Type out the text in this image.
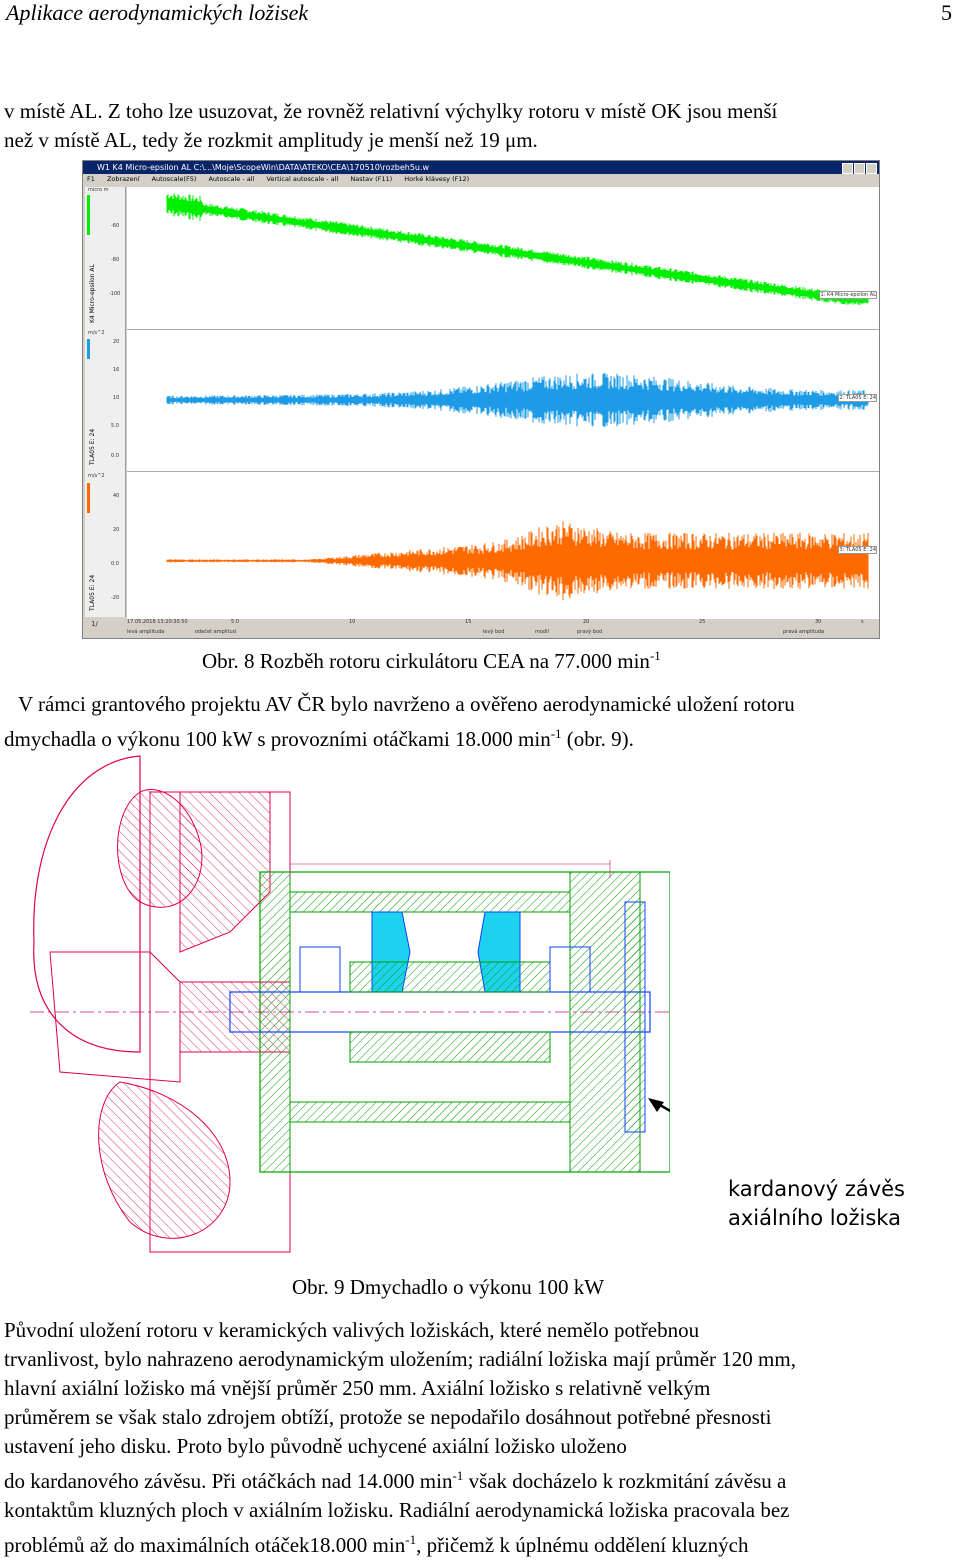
Aplikace aerodynamických ložisek	5

v místě AL. Z toho lze usuzovat, že rovněž relativní výchylky rotoru v místě OK jsou menší

než v místě AL, tedy že rozkmit amplitudy je menší než 19 μm.

W1 K4 Micro-epsilon AL C:\...\Moje\ScopeWin\DATA\ATEKO\CEA\170510\rozbeh5u.w
F1 Zobrazení Autoscale(F5) Autoscale - all Vertical autoscale - all Nastav (F11) Horké klávesy (F12)
micro m
m/s^2
m/s^2
K4 Micro-epsilon AL
TLA05 E: 24
TLA05 E: 24
-60
-80
-100
20
16
10
5.0
0.0
40
20
0.0
-20
1: K4 Micro-epsilon AL
2: TLA05 E: 24
3: TLA05 E: 24
1/	17.05.2018 13:20:30.50	5.0	10	15	20	25	30	s
levá amplituda	odečet amplitud	levý bod	modil	pravý bod	pravá amplituda
Obr. 8 Rozběh rotoru cirkulátoru CEA na 77.000 $\min^{-1}$

V rámci grantového projektu AV ČR bylo navrženo a ověřeno aerodynamické uložení rotoru

dmychadla o výkonu 100 kW s provozními otáčkami 18.000 $\min^{-1} (obr$. 9).

kardanový závěs
axiálního ložiska
Obr. 9 Dmychadlo o výkonu 100 kW

Původní uložení rotoru v keramických valivých ložiskách, které nemělo potřebnou

trvanlivost, bylo nahrazeno aerodynamickým uložením; radiální ložiska mají průměr 120 mm,

hlavní axiální ložisko má vnější průměr 250 mm. Axiální ložisko s relativně velkým

průměrem se však stalo zdrojem obtíží, protože se nepodařilo dosáhnout potřebné přesnosti

ustavení jeho disku. Proto bylo původně uchycené axiální ložisko uloženo

do kardanového závěsu. Při otáčkách nad 14.000 $\min^{-1}$ však docházelo k rozkmitání závěsu a

kontaktům kluzných ploch v axiálním ložisku. Radiální aerodynamická ložiska pracovala bez

problémů až do maximálních otáček18.000 $\min^{-1}$, přičemž k úplnému oddělení kluzných
